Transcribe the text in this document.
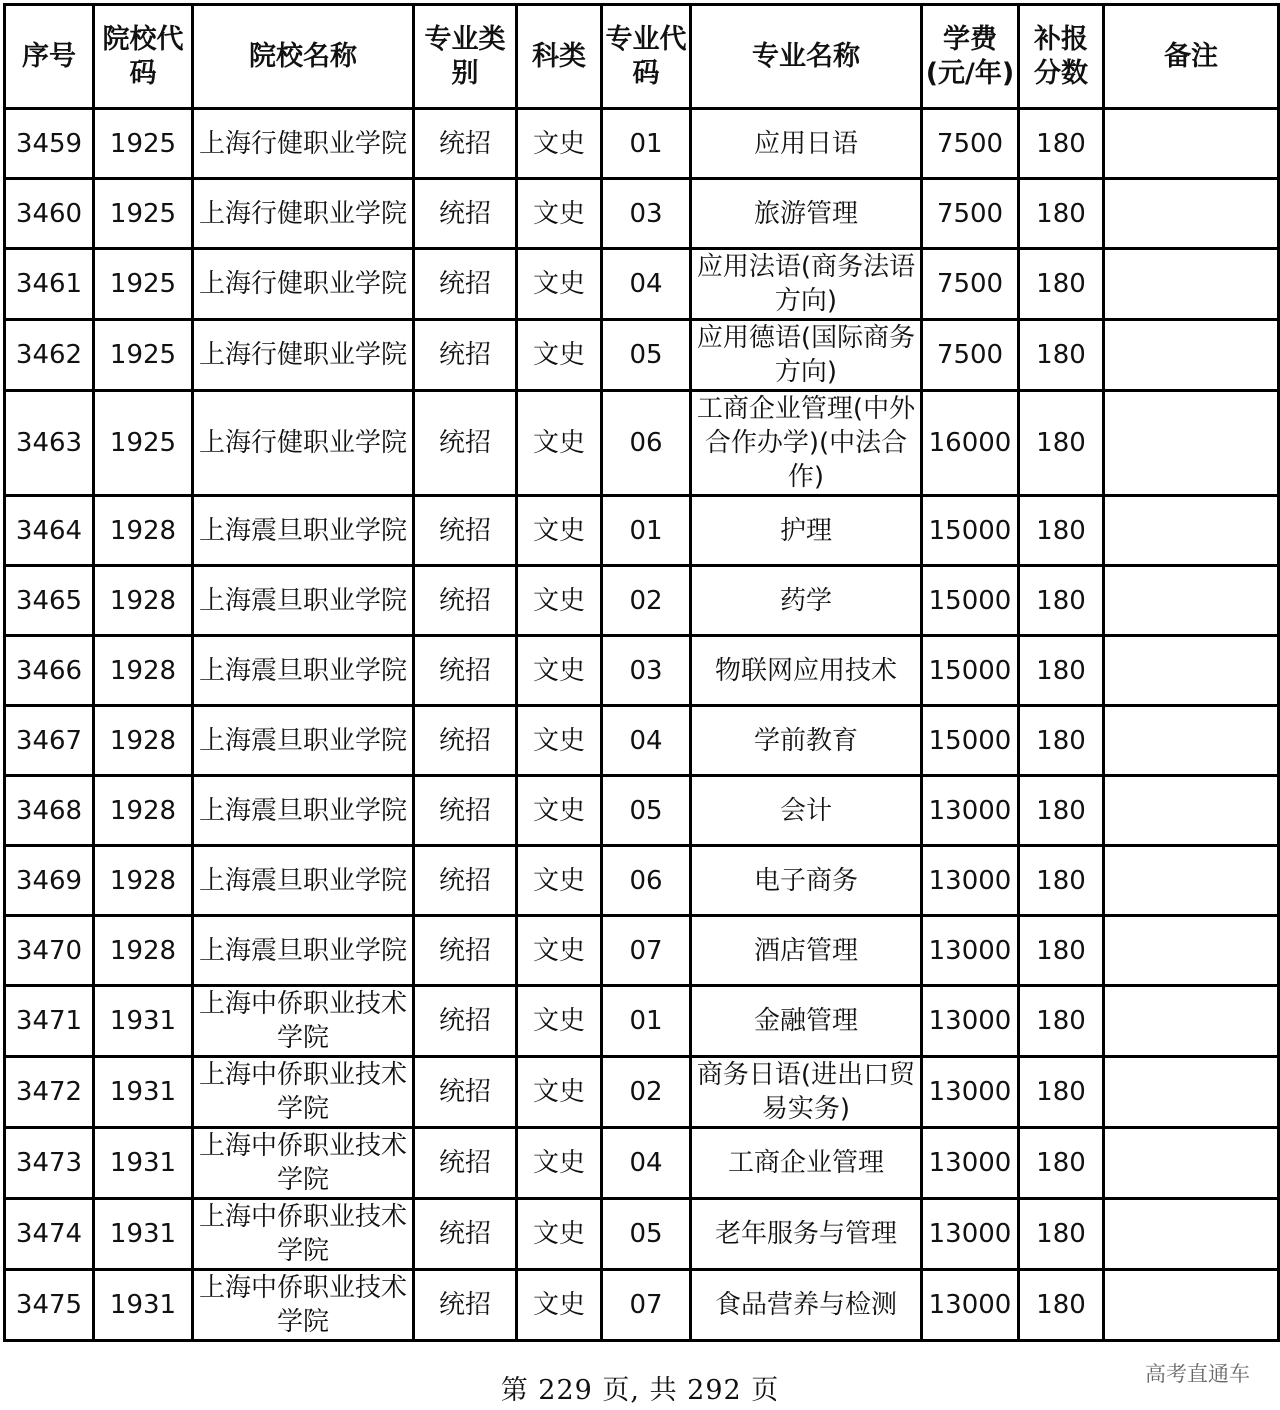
序号	院校代码	院校名称	专业类别	科类	专业代码	专业名称	学费(元/年)	补报分数	备注
3459	1925	上海行健职业学院	统招	文史	01	应用日语	7500	180	
3460	1925	上海行健职业学院	统招	文史	03	旅游管理	7500	180	
3461	1925	上海行健职业学院	统招	文史	04	应用法语(商务法语方向)	7500	180	
3462	1925	上海行健职业学院	统招	文史	05	应用德语(国际商务方向)	7500	180	
3463	1925	上海行健职业学院	统招	文史	06	工商企业管理(中外合作办学)(中法合作)	16000	180	
3464	1928	上海震旦职业学院	统招	文史	01	护理	15000	180	
3465	1928	上海震旦职业学院	统招	文史	02	药学	15000	180	
3466	1928	上海震旦职业学院	统招	文史	03	物联网应用技术	15000	180	
3467	1928	上海震旦职业学院	统招	文史	04	学前教育	15000	180	
3468	1928	上海震旦职业学院	统招	文史	05	会计	13000	180	
3469	1928	上海震旦职业学院	统招	文史	06	电子商务	13000	180	
3470	1928	上海震旦职业学院	统招	文史	07	酒店管理	13000	180	
3471	1931	上海中侨职业技术学院	统招	文史	01	金融管理	13000	180	
3472	1931	上海中侨职业技术学院	统招	文史	02	商务日语(进出口贸易实务)	13000	180	
3473	1931	上海中侨职业技术学院	统招	文史	04	工商企业管理	13000	180	
3474	1931	上海中侨职业技术学院	统招	文史	05	老年服务与管理	13000	180	
3475	1931	上海中侨职业技术学院	统招	文史	07	食品营养与检测	13000	180	
第 229 页, 共 292 页
高考直通车
